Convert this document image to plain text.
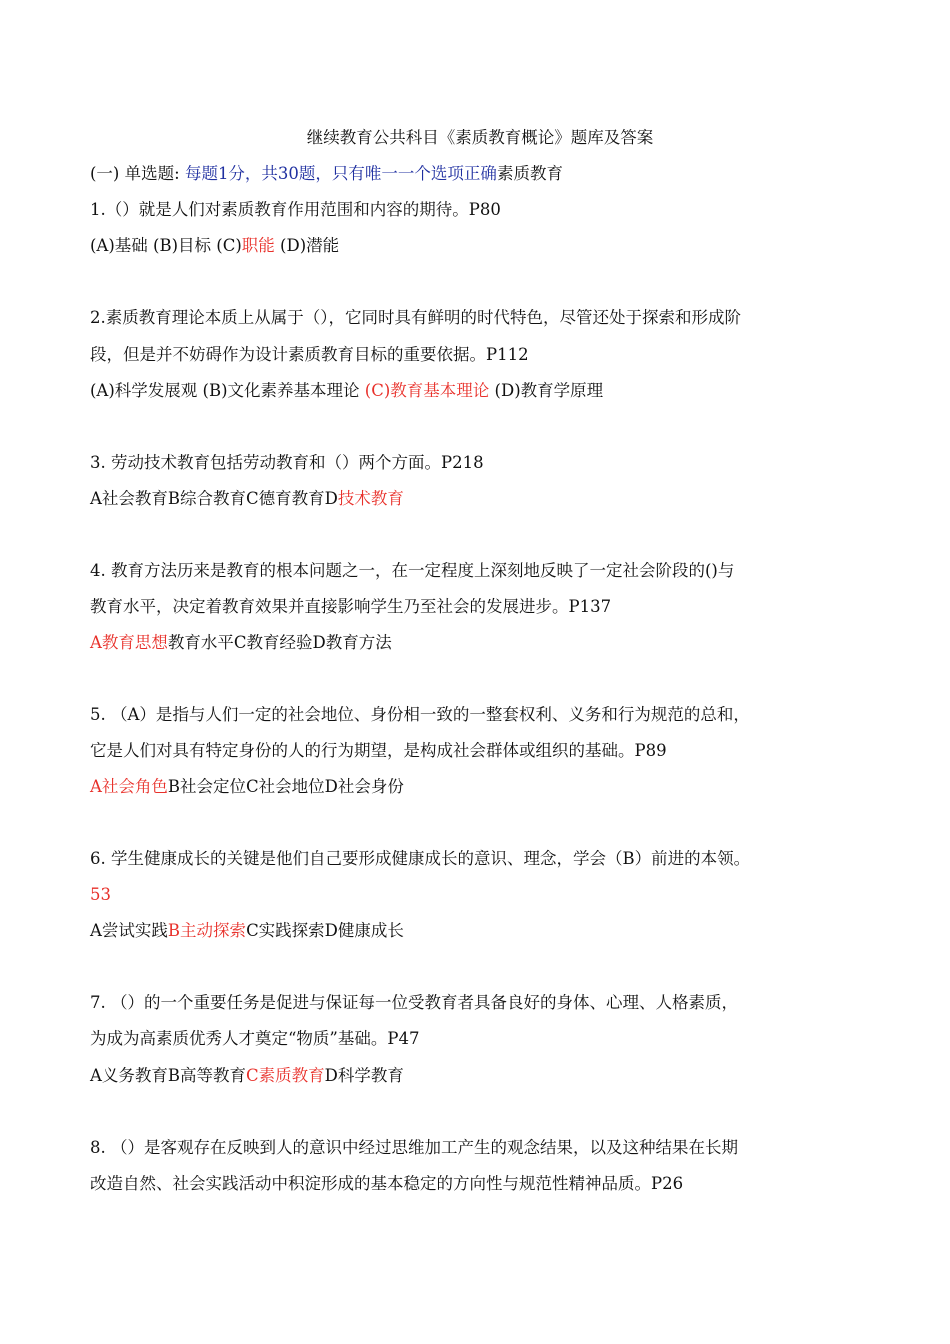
继续教育公共科目《素质教育概论》题库及答案
(一) 单选题: 每题1分，共30题，只有唯一一个选项正确素质教育
1.（）就是人们对素质教育作用范围和内容的期待。P80
(A)基础 (B)目标 (C)职能 (D)潜能
2.素质教育理论本质上从属于（），它同时具有鲜明的时代特色，尽管还处于探索和形成阶
段，但是并不妨碍作为设计素质教育目标的重要依据。P112
(A)科学发展观 (B)文化素养基本理论 (C)教育基本理论 (D)教育学原理
3. 劳动技术教育包括劳动教育和（）两个方面。P218
A社会教育B综合教育C德育教育D技术教育
4. 教育方法历来是教育的根本问题之一，在一定程度上深刻地反映了一定社会阶段的()与
教育水平，决定着教育效果并直接影响学生乃至社会的发展进步。P137
A教育思想教育水平C教育经验D教育方法
5. （A）是指与人们一定的社会地位、身份相一致的一整套权利、义务和行为规范的总和，
它是人们对具有特定身份的人的行为期望，是构成社会群体或组织的基础。P89
A社会角色B社会定位C社会地位D社会身份
6. 学生健康成长的关键是他们自己要形成健康成长的意识、理念，学会（B）前进的本领。
53
A尝试实践B主动探索C实践探索D健康成长
7. （）的一个重要任务是促进与保证每一位受教育者具备良好的身体、心理、人格素质，
为成为高素质优秀人才奠定“物质”基础。P47
A义务教育B高等教育C素质教育D科学教育
8. （）是客观存在反映到人的意识中经过思维加工产生的观念结果，以及这种结果在长期
改造自然、社会实践活动中积淀形成的基本稳定的方向性与规范性精神品质。P26
